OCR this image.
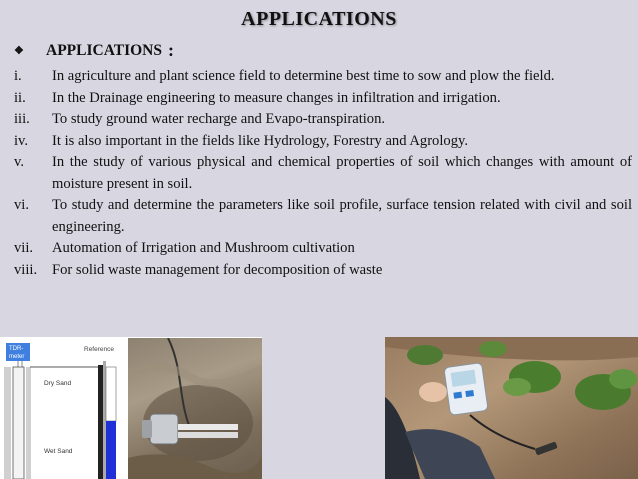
APPLICATIONS
❖	APPLICATIONS :
i.	In agriculture and plant science field to determine best time to sow and plow the field.
ii.	In the Drainage engineering to measure changes in infiltration and irrigation.
iii.	To study ground water recharge and Evapo-transpiration.
iv.	It is also important in the fields like Hydrology, Forestry and Agrology.
v.	In the study of various physical and chemical properties of soil which changes with amount of moisture present in soil.
vi.	To study and determine the parameters like soil profile, surface tension related with civil and soil engineering.
vii.	Automation of Irrigation and Mushroom cultivation
viii.	For solid waste management for decomposition of waste
TDR-
meter
Reference
Dry Sand
Wet Sand
